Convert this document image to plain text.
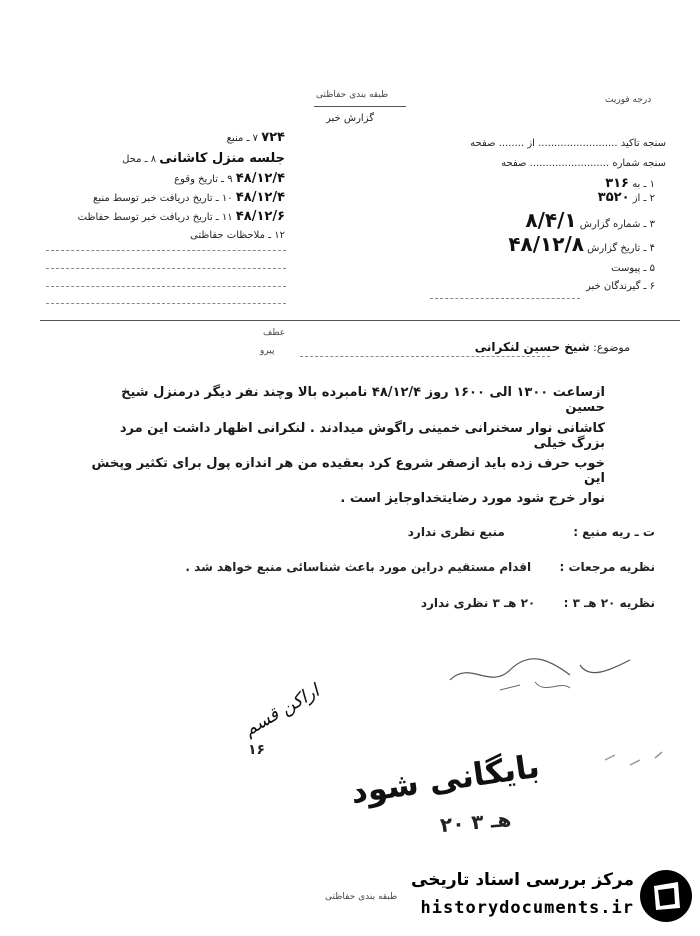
طبقه بندی حفاظتی
گزارش خبر
درجه فوریت
سنجه تاکید ......................... از ........ صفحه
سنجه شماره ......................... صفحه
۱ ـ به ۳۱۶
۲ ـ از ۳۵۲۰
۳ ـ شماره گزارش ۸/۴/۱
۴ ـ تاریخ گزارش ۴۸/۱۲/۸
۵ ـ پیوست
۶ ـ گیرندگان خبر
۷۲۴ ۷ ـ منبع
جلسه منزل کاشانی ۸ ـ محل
۴۸/۱۲/۴ ۹ ـ تاریخ وقوع
۴۸/۱۲/۴ ۱۰ ـ تاریخ دریافت خبر توسط منبع
۴۸/۱۲/۶ ۱۱ ـ تاریخ دریافت خبر توسط حفاظت
۱۲ ـ ملاحظات حفاظتی
عطف
پیرو	موضوع: شیخ حسین لنکرانی
ازساعت ۱۳۰۰ الی ۱۶۰۰ روز ۴۸/۱۲/۴ نامبرده بالا وچند نفر دیگر درمنزل شیخ حسین
کاشانی نوار سخنرانی خمینی راگوش میدادند . لنکرانی اظهار داشت این مرد بزرگ خیلی
خوب حرف زده باید ازصفر شروع کرد بعقیده من هر اندازه پول برای تکثیر وپخش این
نوار خرج شود مورد رضایتخداوجایز است .
ت ـ ریه منبع :  منبع نظری ندارد
نظریه مرجعات :  اقدام مستقیم دراین مورد باعث شناسائی منبع خواهد شد .
نظریه ۲۰ هـ ۳ :  ۲۰ هـ ۳ نظری ندارد
اراکن قسم
۱۶	بایگانی شود
۲۰ هـ ۳
طبقه بندی حفاظتی
مرکز بررسی اسناد تاریخی
historydocuments.ir
